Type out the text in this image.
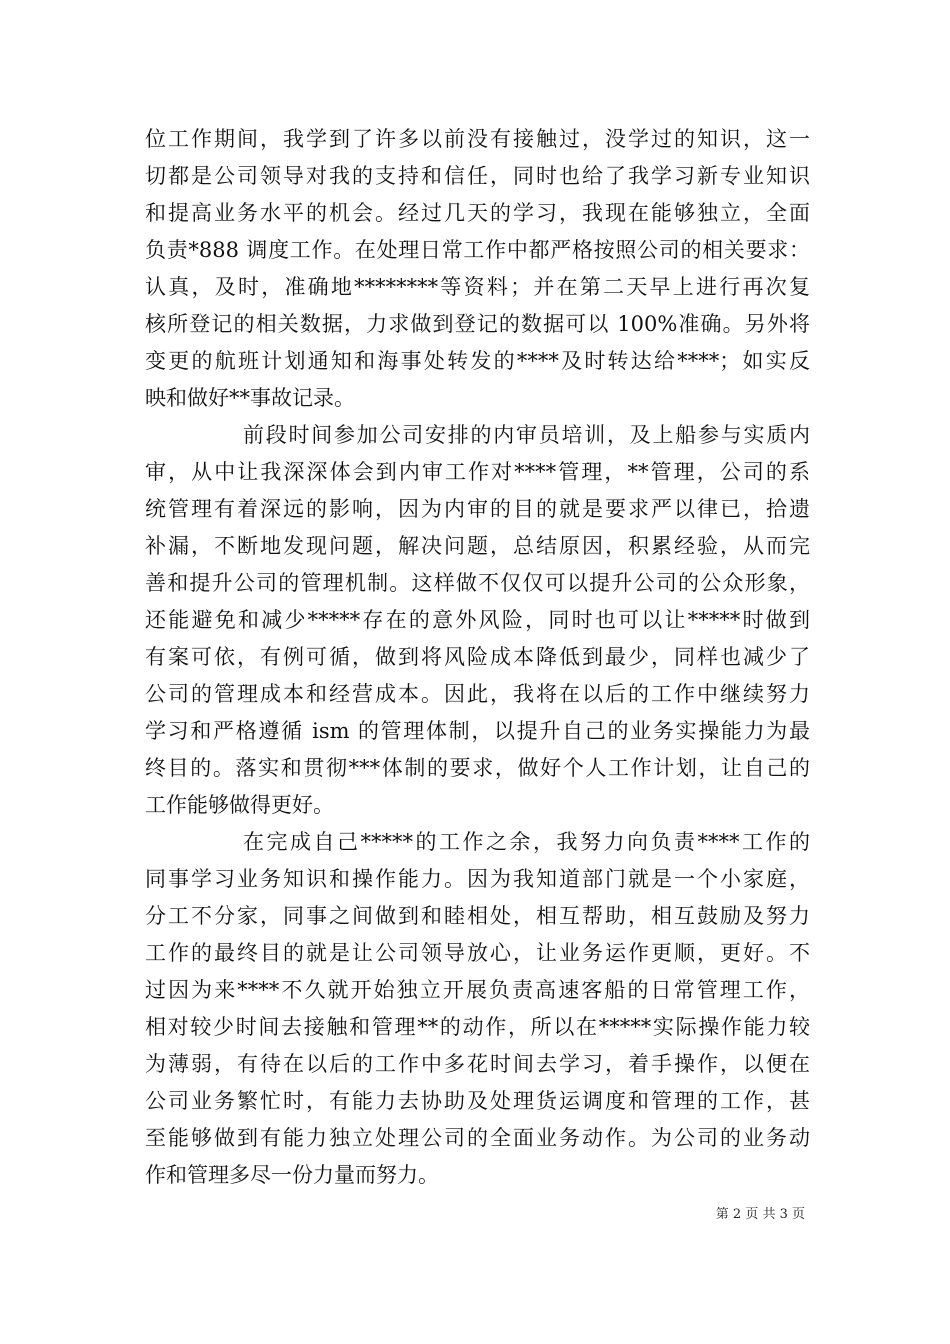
位工作期间，我学到了许多以前没有接触过，没学过的知识，这一
切都是公司领导对我的支持和信任，同时也给了我学习新专业知识
和提高业务水平的机会。经过几天的学习，我现在能够独立，全面
负责*888 调度工作。在处理日常工作中都严格按照公司的相关要求：
认真，及时，准确地********等资料；并在第二天早上进行再次复
核所登记的相关数据，力求做到登记的数据可以 100%准确。另外将
变更的航班计划通知和海事处转发的****及时转达给****；如实反
映和做好**事故记录。
前段时间参加公司安排的内审员培训，及上船参与实质内
审，从中让我深深体会到内审工作对****管理，**管理，公司的系
统管理有着深远的影响，因为内审的目的就是要求严以律已，拾遗
补漏，不断地发现问题，解决问题，总结原因，积累经验，从而完
善和提升公司的管理机制。这样做不仅仅可以提升公司的公众形象，
还能避免和减少*****存在的意外风险，同时也可以让*****时做到
有案可依，有例可循，做到将风险成本降低到最少，同样也减少了
公司的管理成本和经营成本。因此，我将在以后的工作中继续努力
学习和严格遵循 ism 的管理体制，以提升自己的业务实操能力为最
终目的。落实和贯彻***体制的要求，做好个人工作计划，让自己的
工作能够做得更好。
在完成自己*****的工作之余，我努力向负责****工作的
同事学习业务知识和操作能力。因为我知道部门就是一个小家庭，
分工不分家，同事之间做到和睦相处，相互帮助，相互鼓励及努力
工作的最终目的就是让公司领导放心，让业务运作更顺，更好。不
过因为来****不久就开始独立开展负责高速客船的日常管理工作，
相对较少时间去接触和管理**的动作，所以在*****实际操作能力较
为薄弱，有待在以后的工作中多花时间去学习，着手操作，以便在
公司业务繁忙时，有能力去协助及处理货运调度和管理的工作，甚
至能够做到有能力独立处理公司的全面业务动作。为公司的业务动
作和管理多尽一份力量而努力。
第 2 页 共 3 页
